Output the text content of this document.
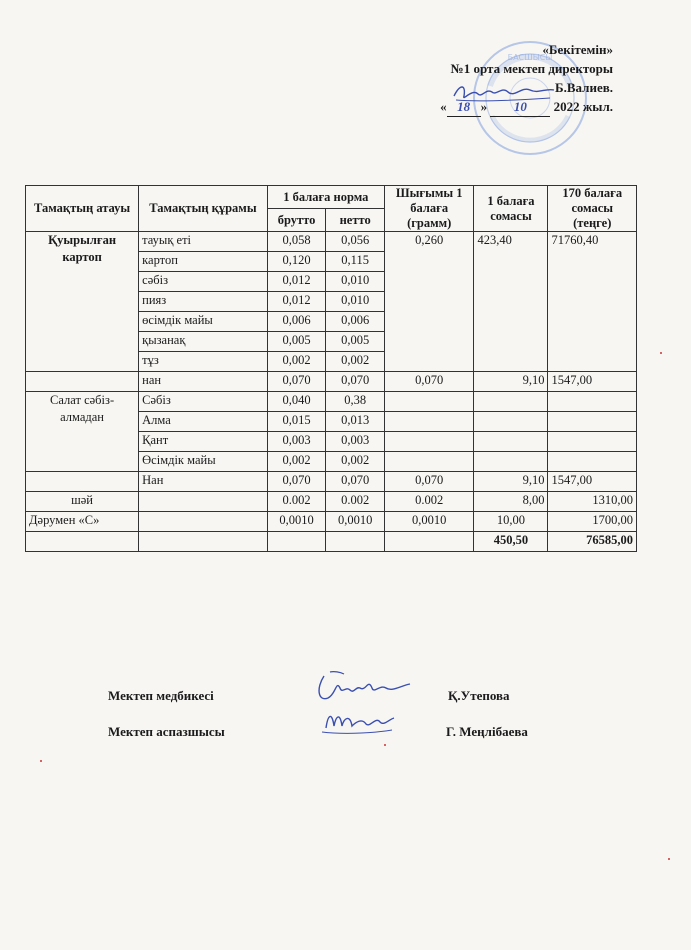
БАСШЫСЫ
«Бекітемін»
№1 орта мектеп директоры
Б.Валиев.
« 18 » 10 2022 жыл.
Тамақтың атауы	Тамақтың құрамы	1 балаға норма		Шығымы 1 балаға (грамм)	1 балаға сомасы	170 балаға сомасы (теңге)
		брутто	нетто			
Қуырылған картоп	тауық еті	0,058	0,056	0,260	423,40	71760,40
	картоп	0,120	0,115			
	сәбіз	0,012	0,010			
	пияз	0,012	0,010			
	өсімдік майы	0,006	0,006			
	қызанақ	0,005	0,005			
	тұз	0,002	0,002			
	нан	0,070	0,070	0,070	9,10	1547,00
Салат сәбіз-алмадан	Сәбіз	0,040	0,38			
	Алма	0,015	0,013			
	Қант	0,003	0,003			
	Өсімдік майы	0,002	0,002			
	Нан	0,070	0,070	0,070	9,10	1547,00
шәй		0.002	0.002	0.002	8,00	1310,00
Дәрумен «С»		0,0010	0,0010	0,0010	10,00	1700,00
					450,50	76585,00
Мектеп медбикесі	Қ.Утепова
Мектеп аспазшысы	Г. Меңлібаева
